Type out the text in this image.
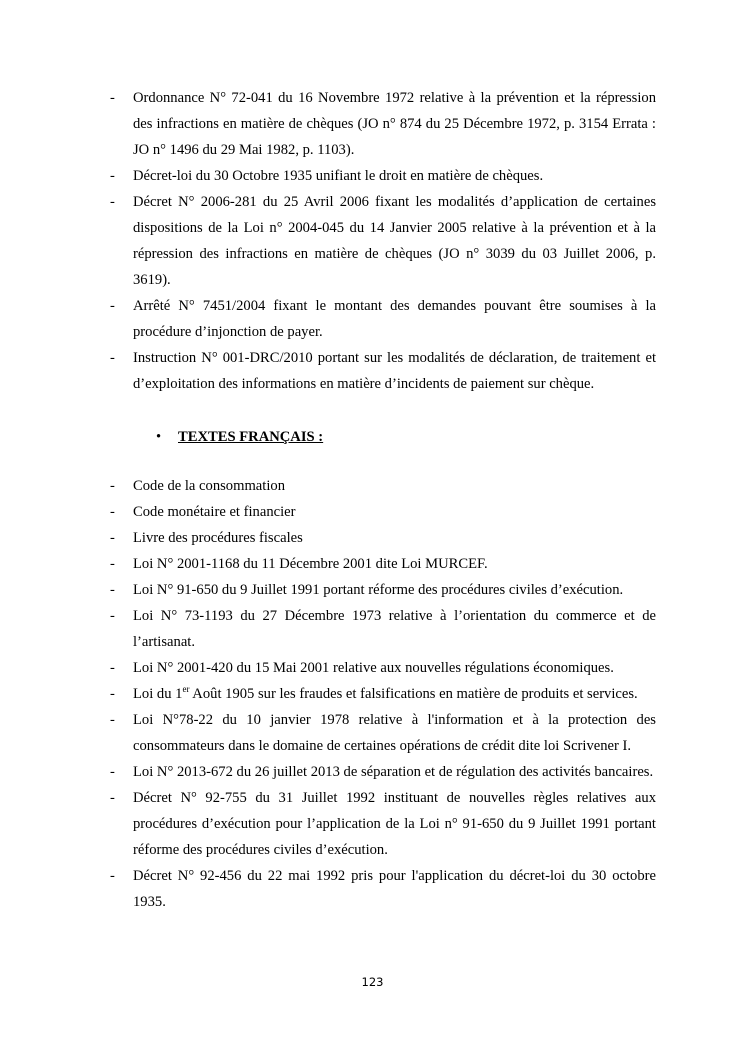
- Ordonnance N° 72-041 du 16 Novembre 1972 relative à la prévention et la répression des infractions en matière de chèques (JO n° 874 du 25 Décembre 1972, p. 3154 Errata : JO n° 1496 du 29 Mai 1982, p. 1103).
- Décret-loi du 30 Octobre 1935 unifiant le droit en matière de chèques.
- Décret N° 2006-281 du 25 Avril 2006 fixant les modalités d’application de certaines dispositions de la Loi n° 2004-045 du 14 Janvier 2005 relative à la prévention et à la répression des infractions en matière de chèques (JO n° 3039 du 03 Juillet 2006, p. 3619).
- Arrêté N° 7451/2004 fixant le montant des demandes pouvant être soumises à la procédure d’injonction de payer.
- Instruction N° 001-DRC/2010 portant sur les modalités de déclaration, de traitement et d’exploitation des informations en matière d’incidents de paiement sur chèque.
• TEXTES FRANÇAIS :
- Code de la consommation
- Code monétaire et financier
- Livre des procédures fiscales
- Loi N° 2001-1168 du 11 Décembre 2001 dite Loi MURCEF.
- Loi N° 91-650 du 9 Juillet 1991 portant réforme des procédures civiles d’exécution.
- Loi N° 73-1193 du 27 Décembre 1973 relative à l’orientation du commerce et de l’artisanat.
- Loi N° 2001-420 du 15 Mai 2001 relative aux nouvelles régulations économiques.
- Loi du 1er Août 1905 sur les fraudes et falsifications en matière de produits et services.
- Loi N°78-22 du 10 janvier 1978 relative à l'information et à la protection des consommateurs dans le domaine de certaines opérations de crédit dite loi Scrivener I.
- Loi N° 2013-672 du 26 juillet 2013 de séparation et de régulation des activités bancaires.
- Décret N° 92-755 du 31 Juillet 1992 instituant de nouvelles règles relatives aux procédures d’exécution pour l’application de la Loi n° 91-650 du 9 Juillet 1991 portant réforme des procédures civiles d’exécution.
- Décret N° 92-456 du 22 mai 1992 pris pour l'application du décret-loi du 30 octobre 1935.
123
